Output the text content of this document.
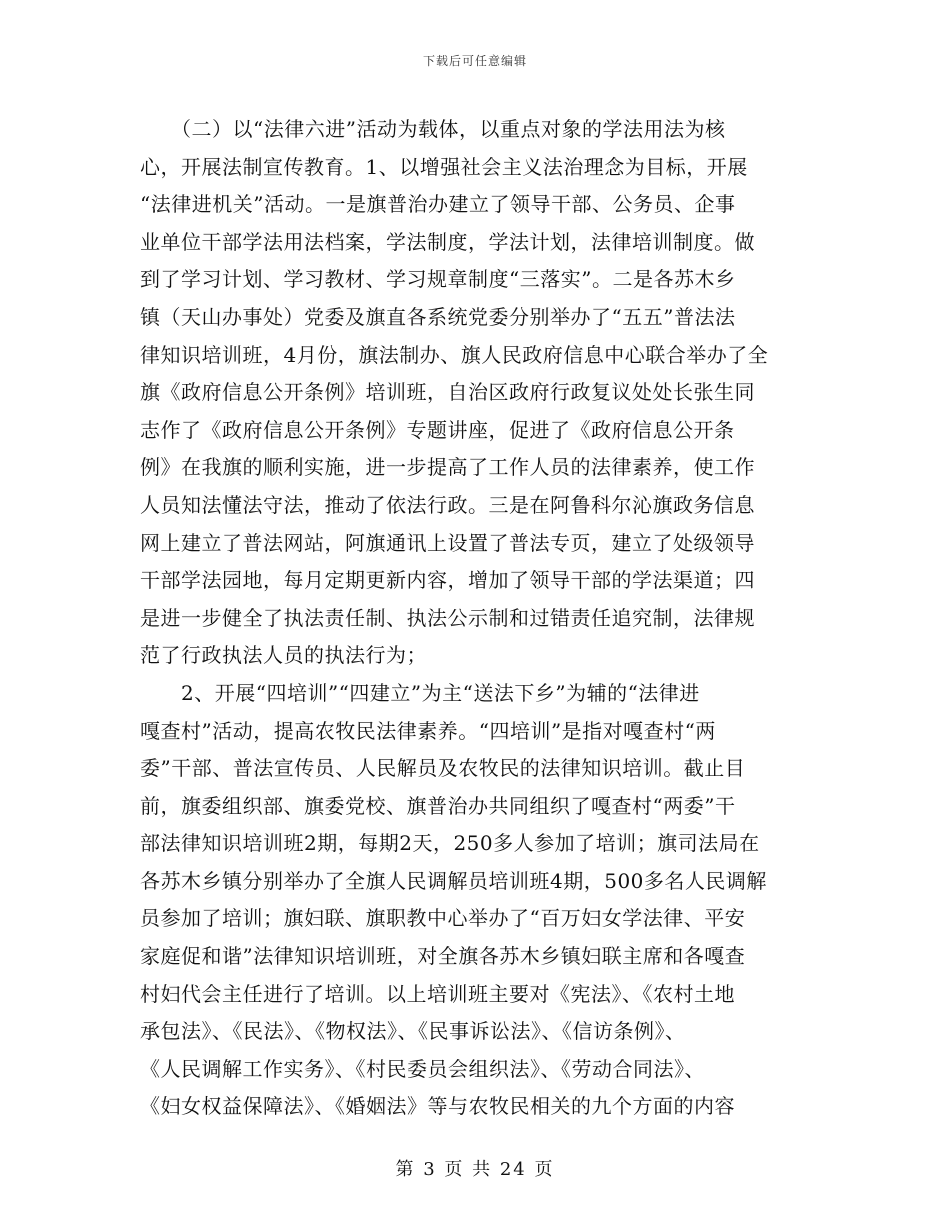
下载后可任意编辑
　　（二）以“法律六进”活动为载体，以重点对象的学法用法为核
心，开展法制宣传教育。1、以增强社会主义法治理念为目标，开展
“法律进机关”活动。一是旗普治办建立了领导干部、公务员、企事
业单位干部学法用法档案，学法制度，学法计划，法律培训制度。做
到了学习计划、学习教材、学习规章制度“三落实”。二是各苏木乡
镇（天山办事处）党委及旗直各系统党委分别举办了“五五”普法法
律知识培训班，4月份，旗法制办、旗人民政府信息中心联合举办了全
旗《政府信息公开条例》培训班，自治区政府行政复议处处长张生同
志作了《政府信息公开条例》专题讲座，促进了《政府信息公开条
例》在我旗的顺利实施，进一步提高了工作人员的法律素养，使工作
人员知法懂法守法，推动了依法行政。三是在阿鲁科尔沁旗政务信息
网上建立了普法网站，阿旗通讯上设置了普法专页，建立了处级领导
干部学法园地，每月定期更新内容，增加了领导干部的学法渠道；四
是进一步健全了执法责任制、执法公示制和过错责任追究制，法律规
范了行政执法人员的执法行为；
　　2、开展“四培训”“四建立”为主“送法下乡”为辅的“法律进
嘎查村”活动，提高农牧民法律素养。“四培训”是指对嘎查村“两
委”干部、普法宣传员、人民解员及农牧民的法律知识培训。截止目
前，旗委组织部、旗委党校、旗普治办共同组织了嘎查村“两委”干
部法律知识培训班2期，每期2天，250多人参加了培训；旗司法局在
各苏木乡镇分别举办了全旗人民调解员培训班4期，500多名人民调解
员参加了培训；旗妇联、旗职教中心举办了“百万妇女学法律、平安
家庭促和谐”法律知识培训班，对全旗各苏木乡镇妇联主席和各嘎查
村妇代会主任进行了培训。以上培训班主要对《宪法》、《农村土地
承包法》、《民法》、《物权法》、《民事诉讼法》、《信访条例》、
《人民调解工作实务》、《村民委员会组织法》、《劳动合同法》、
《妇女权益保障法》、《婚姻法》等与农牧民相关的九个方面的内容
第 3 页 共 24 页
